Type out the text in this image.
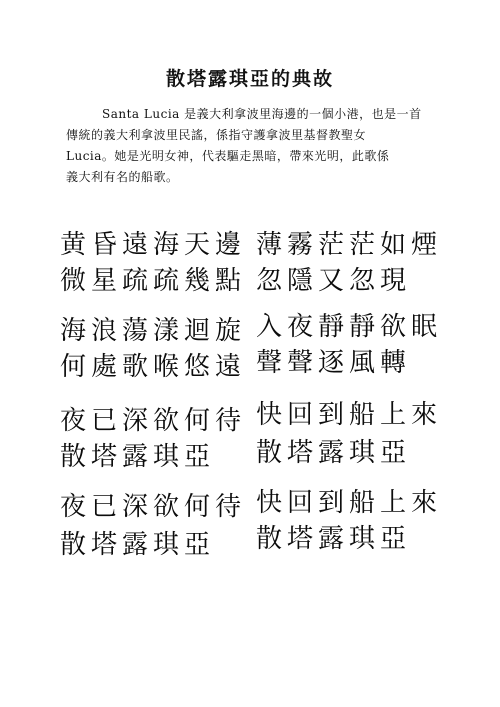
散塔露琪亞的典故
Santa Lucia 是義大利拿波里海邊的一個小港，也是一首
傳統的義大利拿波里民謠，係指守護拿波里基督教聖女
Lucia。她是光明女神，代表驅走黑暗，帶來光明，此歌係
義大利有名的船歌。
黄昏遠海天邊 薄霧茫茫如煙
微星疏疏幾點 忽隱又忽現
海浪蕩漾迴旋 入夜靜靜欲眠
何處歌喉悠遠 聲聲逐風轉
夜已深欲何待 快回到船上來
散塔露琪亞 散塔露琪亞
夜已深欲何待 快回到船上來
散塔露琪亞 散塔露琪亞
